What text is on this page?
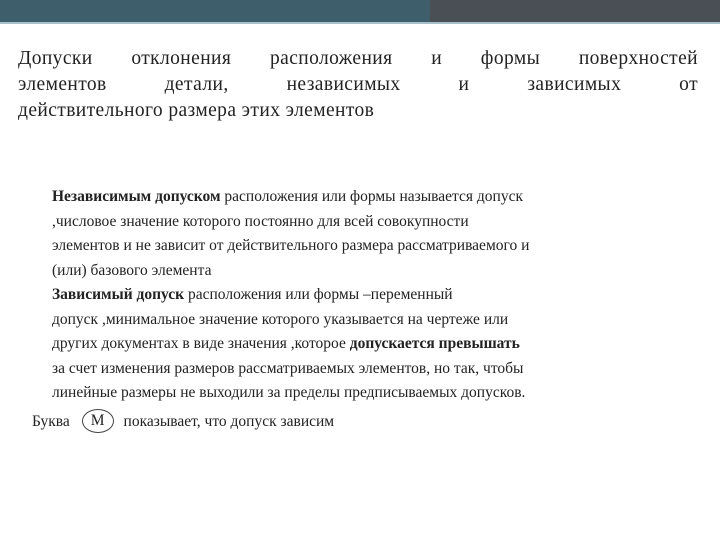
Допуски отклонения расположения и формы поверхностей
элементов детали, независимых и зависимых от
действительного размера этих элементов

Независимым допуском расположения или формы называется допуск

,числовое значение которого постоянно для всей совокупности

элементов и не зависит от действительного размера рассматриваемого и

(или) базового элемента

Зависимый допуск расположения или формы –переменный

допуск ,минимальное значение которого указывается на чертеже или

других документах в виде значения ,которое допускается превышать

за счет изменения размеров рассматриваемых элементов, но так, чтобы

линейные размеры не выходили за пределы предписываемых допусков.

Буква M показывает, что допуск зависим
